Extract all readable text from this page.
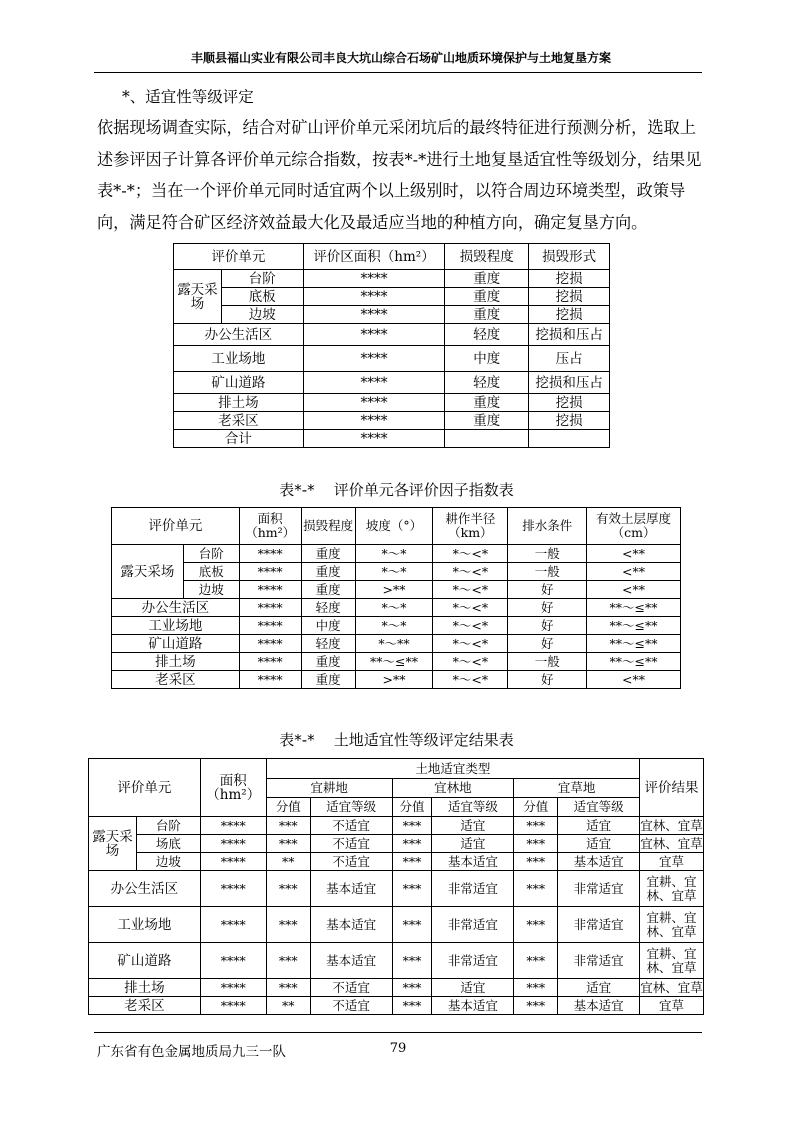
丰顺县福山实业有限公司丰良大坑山综合石场矿山地质环境保护与土地复垦方案
*、适宜性等级评定

依据现场调查实际，结合对矿山评价单元采闭坑后的最终特征进行预测分析，选取上述参评因子计算各评价单元综合指数，按表*-*进行土地复垦适宜性等级划分，结果见表*-*；当在一个评价单元同时适宜两个以上级别时，以符合周边环境类型，政策导向，满足符合矿区经济效益最大化及最适应当地的种植方向，确定复垦方向。

评价单元		评价区面积（hm²）	损毁程度	损毁形式
露天采场	台阶	****	重度	挖损
	底板	****	重度	挖损
	边坡	****	重度	挖损
办公生活区		****	轻度	挖损和压占
工业场地		****	中度	压占
矿山道路		****	轻度	挖损和压占
排土场		****	重度	挖损
老采区		****	重度	挖损
合计		****		
表*-*    评价单元各评价因子指数表
评价单元		面积（hm²）	损毁程度	坡度（°）	耕作半径（km）	排水条件	有效土层厚度（cm）
露天采场	台阶	****	重度	*～*	*～<*	一般	<**
	底板	****	重度	*～*	*～<*	一般	<**
	边坡	****	重度	>**	*～<*	好	<**
办公生活区		****	轻度	*～*	*～<*	好	**～≤**
工业场地		****	中度	*～*	*～<*	好	**～≤**
矿山道路		****	轻度	*～**	*～<*	好	**～≤**
排土场		****	重度	**～≤**	*～<*	一般	**～≤**
老采区		****	重度	>**	*～<*	好	<**
表*-*    土地适宜性等级评定结果表
评价单元		面积（hm²）	土地适宜类型						评价结果
			宜耕地		宜林地		宜草地		
			分值	适宜等级	分值	适宜等级	分值	适宜等级	
露天采场	台阶	****	***	不适宜	***	适宜	***	适宜	宜林、宜草
	场底	****	***	不适宜	***	适宜	***	适宜	宜林、宜草
	边坡	****	**	不适宜	***	基本适宜	***	基本适宜	宜草
办公生活区		****	***	基本适宜	***	非常适宜	***	非常适宜	宜耕、宜林、宜草
工业场地		****	***	基本适宜	***	非常适宜	***	非常适宜	宜耕、宜林、宜草
矿山道路		****	***	基本适宜	***	非常适宜	***	非常适宜	宜耕、宜林、宜草
排土场		****	***	不适宜	***	适宜	***	适宜	宜林、宜草
老采区		****	**	不适宜	***	基本适宜	***	基本适宜	宜草
广东省有色金属地质局九三一队	79
